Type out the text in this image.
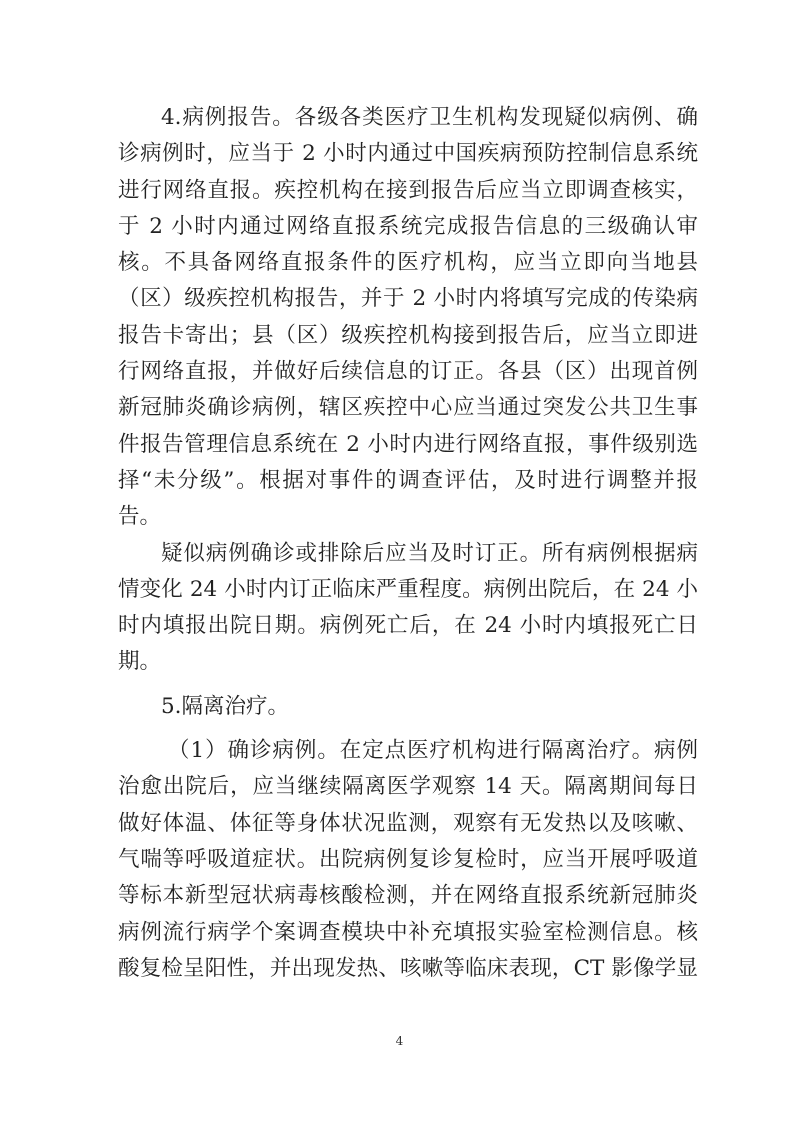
4.病例报告。各级各类医疗卫生机构发现疑似病例、确
诊病例时，应当于 2 小时内通过中国疾病预防控制信息系统
进行网络直报。疾控机构在接到报告后应当立即调查核实，
于 2 小时内通过网络直报系统完成报告信息的三级确认审
核。不具备网络直报条件的医疗机构，应当立即向当地县
（区）级疾控机构报告，并于 2 小时内将填写完成的传染病
报告卡寄出；县（区）级疾控机构接到报告后，应当立即进
行网络直报，并做好后续信息的订正。各县（区）出现首例
新冠肺炎确诊病例，辖区疾控中心应当通过突发公共卫生事
件报告管理信息系统在 2 小时内进行网络直报，事件级别选
择“未分级”。根据对事件的调查评估，及时进行调整并报
告。
疑似病例确诊或排除后应当及时订正。所有病例根据病
情变化 24 小时内订正临床严重程度。病例出院后，在 24 小
时内填报出院日期。病例死亡后，在 24 小时内填报死亡日
期。
5.隔离治疗。
（1）确诊病例。在定点医疗机构进行隔离治疗。病例
治愈出院后，应当继续隔离医学观察 14 天。隔离期间每日
做好体温、体征等身体状况监测，观察有无发热以及咳嗽、
气喘等呼吸道症状。出院病例复诊复检时，应当开展呼吸道
等标本新型冠状病毒核酸检测，并在网络直报系统新冠肺炎
病例流行病学个案调查模块中补充填报实验室检测信息。核
酸复检呈阳性，并出现发热、咳嗽等临床表现，CT 影像学显
4
